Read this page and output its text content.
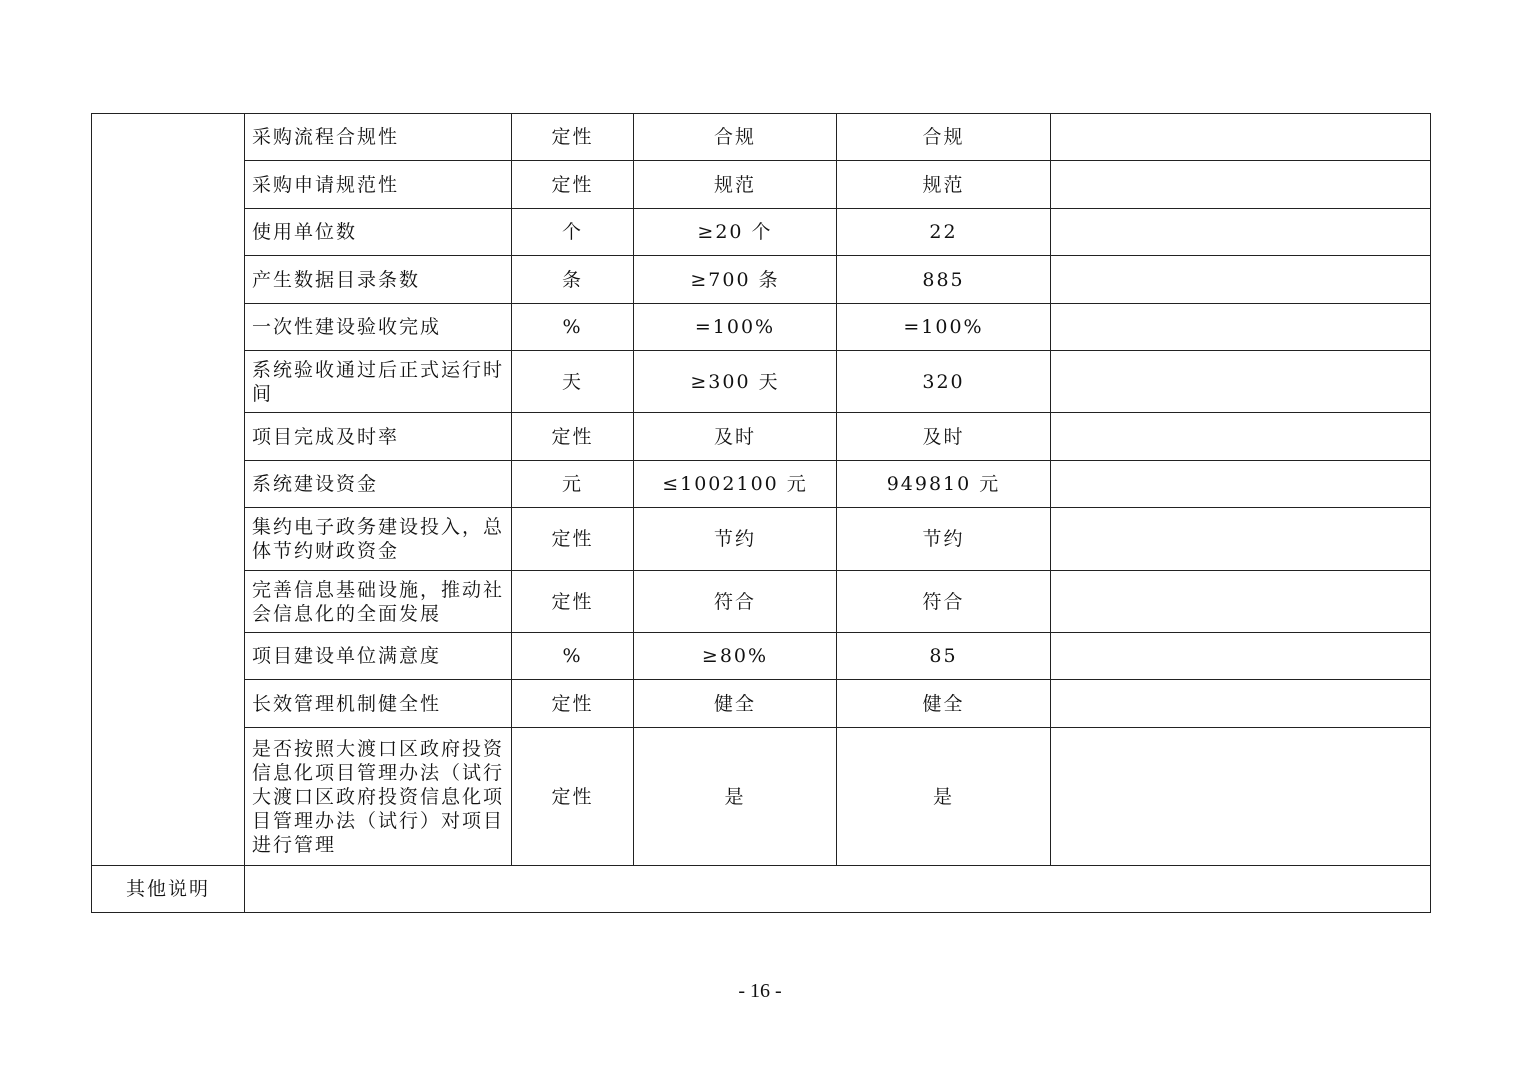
	采购流程合规性	定性	合规	合规	
	采购申请规范性	定性	规范	规范	
	使用单位数	个	≥20 个	22	
	产生数据目录条数	条	≥700 条	885	
	一次性建设验收完成	%	=100%	=100%	
	系统验收通过后正式运行时间	天	≥300 天	320	
	项目完成及时率	定性	及时	及时	
	系统建设资金	元	≤1002100 元	949810 元	
	集约电子政务建设投入，总体节约财政资金	定性	节约	节约	
	完善信息基础设施，推动社会信息化的全面发展	定性	符合	符合	
	项目建设单位满意度	%	≥80%	85	
	长效管理机制健全性	定性	健全	健全	
	是否按照大渡口区政府投资信息化项目管理办法（试行大渡口区政府投资信息化项目管理办法（试行）对项目进行管理	定性	是	是	
其他说明					
- 16 -
